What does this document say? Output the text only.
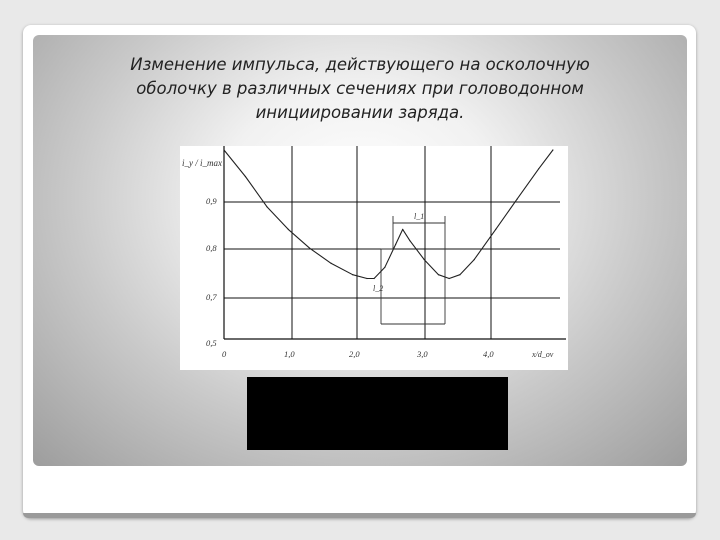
Изменение импульса, действующего на осколочную
оболочку в различных сечениях при головодонном
инициировании заряда.
0,9
0,8
0,7
0,5
0	1,0	2,0	3,0	4,0
i_y / i_max
x/d_ov
l_1
l_2
